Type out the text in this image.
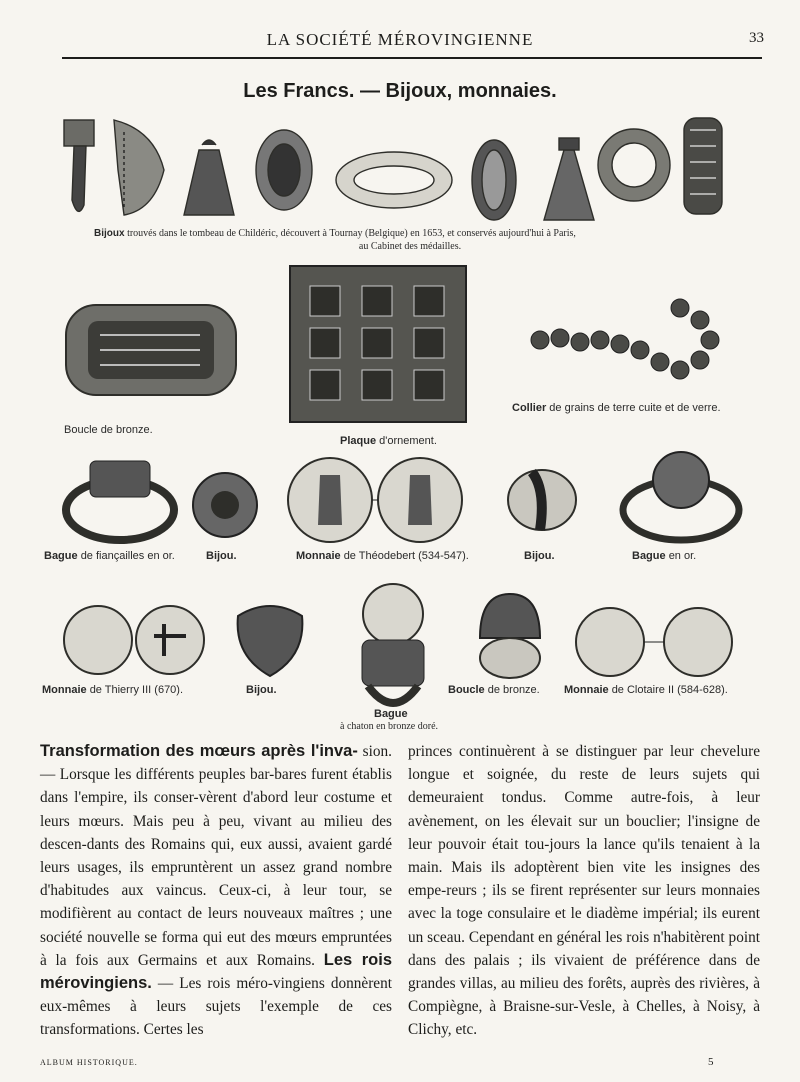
LA SOCIÉTÉ MÉROVINGIENNE	33
Les Francs. — Bijoux, monnaies.
Bijoux trouvés dans le tombeau de Childéric, découvert à Tournay (Belgique) en 1653, et conservés aujourd'hui à Paris,
au Cabinet des médailles.
Boucle de bronze.
Plaque d'ornement.
Collier de grains de terre cuite et de verre.
Bague de fiançailles en or.	Bijou.	Monnaie de Théodebert (534-547).	Bijou.	Bague en or.
Monnaie de Thierry III (670).	Bijou.
Bague
à chaton en bronze doré.
Boucle de bronze. Monnaie de Clotaire II (584-628).
Transformation des mœurs après l'inva- sion. — Lorsque les différents peuples bar-bares furent établis dans l'empire, ils conser-vèrent d'abord leur costume et leurs mœurs. Mais peu à peu, vivant au milieu des descen-dants des Romains qui, eux aussi, avaient gardé leurs usages, ils empruntèrent un assez grand nombre d'habitudes aux vaincus. Ceux-ci, à leur tour, se modifièrent au contact de leurs nouveaux maîtres ; une société nouvelle se forma qui eut des mœurs empruntées à la fois aux Germains et aux Romains. Les rois mérovingiens. — Les rois méro-vingiens donnèrent eux-mêmes à leurs sujets l'exemple de ces transformations. Certes les
princes continuèrent à se distinguer par leur chevelure longue et soignée, du reste de leurs sujets qui demeuraient tondus. Comme autre-fois, à leur avènement, on les élevait sur un bouclier; l'insigne de leur pouvoir était tou-jours la lance qu'ils tenaient à la main. Mais ils adoptèrent bien vite les insignes des empe-reurs ; ils se firent représenter sur leurs monnaies avec la toge consulaire et le diadème impérial; ils eurent un sceau. Cependant en général les rois n'habitèrent point dans des palais ; ils vivaient de préférence dans de grandes villas, au milieu des forêts, auprès des rivières, à Compiègne, à Braisne-sur-Vesle, à Chelles, à Noisy, à Clichy, etc.
ALBUM HISTORIQUE.	5
